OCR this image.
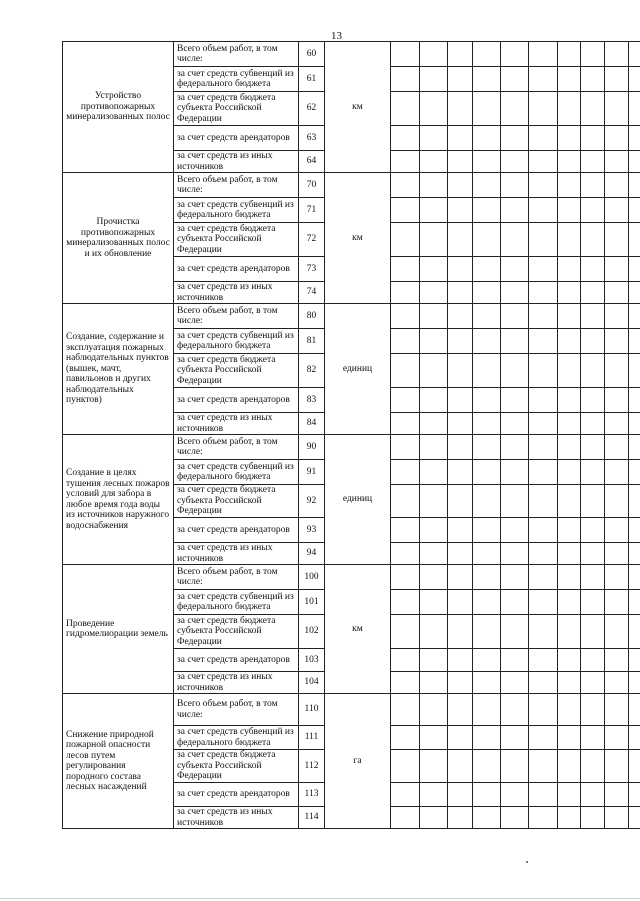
13
Устройство противопожарных минерализованных полос	Всего объем работ, в том числе:	60	км										
	за счет средств субвенций из федерального бюджета	61											
	за счет средств бюджета субъекта Российской Федерации	62											
	за счет средств арендаторов	63											
	за счет средств из иных источников	64											
Прочистка противопожарных минерализованных полос и их обновление	Всего объем работ, в том числе:	70	км										
	за счет средств субвенций из федерального бюджета	71											
	за счет средств бюджета субъекта Российской Федерации	72											
	за счет средств арендаторов	73											
	за счет средств из иных источников	74											
Создание, содержание и эксплуатация пожарных наблюдательных пунктов (вышек, мачт, павильонов и других наблюдательных пунктов)	Всего объем работ, в том числе:	80	единиц										
	за счет средств субвенций из федерального бюджета	81											
	за счет средств бюджета субъекта Российской Федерации	82											
	за счет средств арендаторов	83											
	за счет средств из иных источников	84											
Создание в целях тушения лесных пожаров условий для забора в любое время года воды из источников наружного водоснабжения	Всего объем работ, в том числе:	90	единиц										
	за счет средств субвенций из федерального бюджета	91											
	за счет средств бюджета субъекта Российской Федерации	92											
	за счет средств арендаторов	93											
	за счет средств из иных источников	94											
Проведение гидромелиорации земель	Всего объем работ, в том числе:	100	км										
	за счет средств субвенций из федерального бюджета	101											
	за счет средств бюджета субъекта Российской Федерации	102											
	за счет средств арендаторов	103											
	за счет средств из иных источников	104											
Снижение природной пожарной опасности лесов путем регулирования породного состава лесных насаждений	Всего объем работ, в том числе:	110	га										
	за счет средств субвенций из федерального бюджета	111											
	за счет средств бюджета субъекта Российской Федерации	112											
	за счет средств арендаторов	113											
	за счет средств из иных источников	114											
